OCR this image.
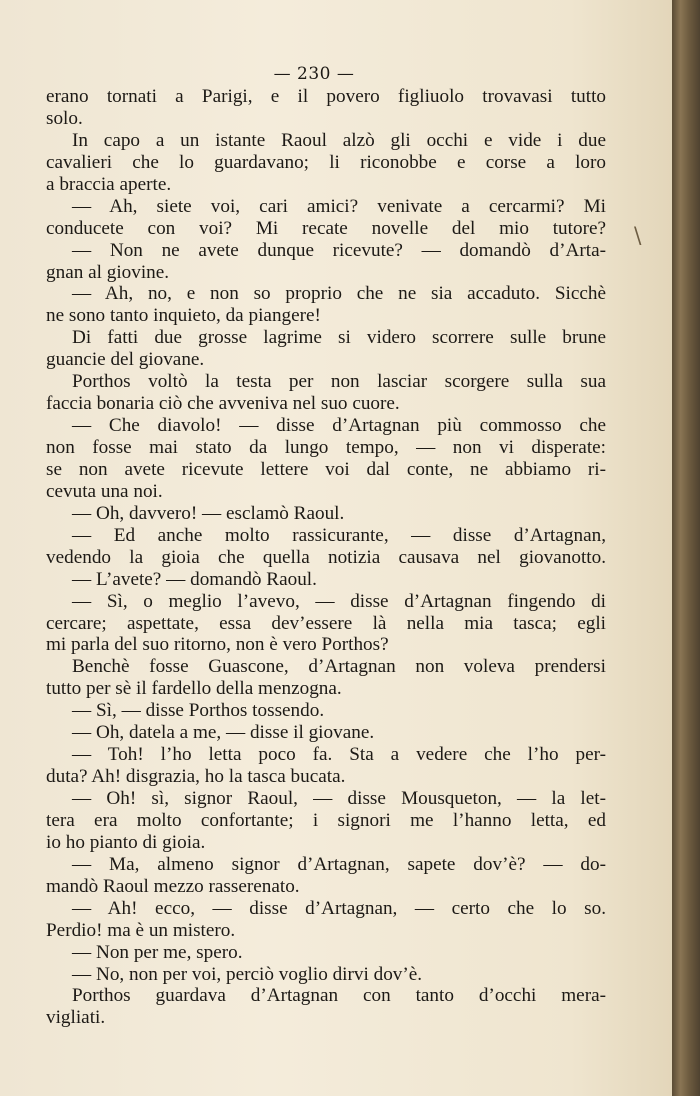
— 230 —
erano tornati a Parigi, e il povero figliuolo trovavasi tutto
solo.
In capo a un istante Raoul alzò gli occhi e vide i due
cavalieri che lo guardavano; li riconobbe e corse a loro
a braccia aperte.
— Ah, siete voi, cari amici? venivate a cercarmi? Mi
conducete con voi? Mi recate novelle del mio tutore?
— Non ne avete dunque ricevute? — domandò d’Arta-
gnan al giovine.
— Ah, no, e non so proprio che ne sia accaduto. Sicchè
ne sono tanto inquieto, da piangere!
Di fatti due grosse lagrime si videro scorrere sulle brune
guancie del giovane.
Porthos voltò la testa per non lasciar scorgere sulla sua
faccia bonaria ciò che avveniva nel suo cuore.
— Che diavolo! — disse d’Artagnan più commosso che
non fosse mai stato da lungo tempo, — non vi disperate:
se non avete ricevute lettere voi dal conte, ne abbiamo ri-
cevuta una noi.
— Oh, davvero! — esclamò Raoul.
— Ed anche molto rassicurante, — disse d’Artagnan,
vedendo la gioia che quella notizia causava nel giovanotto.
— L’avete? — domandò Raoul.
— Sì, o meglio l’avevo, — disse d’Artagnan fingendo di
cercare; aspettate, essa dev’essere là nella mia tasca; egli
mi parla del suo ritorno, non è vero Porthos?
Benchè fosse Guascone, d’Artagnan non voleva prendersi
tutto per sè il fardello della menzogna.
— Sì, — disse Porthos tossendo.
— Oh, datela a me, — disse il giovane.
— Toh! l’ho letta poco fa. Sta a vedere che l’ho per-
duta? Ah! disgrazia, ho la tasca bucata.
— Oh! sì, signor Raoul, — disse Mousqueton, — la let-
tera era molto confortante; i signori me l’hanno letta, ed
io ho pianto di gioia.
— Ma, almeno signor d’Artagnan, sapete dov’è? — do-
mandò Raoul mezzo rasserenato.
— Ah! ecco, — disse d’Artagnan, — certo che lo so.
Perdio! ma è un mistero.
— Non per me, spero.
— No, non per voi, perciò voglio dirvi dov’è.
Porthos guardava d’Artagnan con tanto d’occhi mera-
vigliati.
\
